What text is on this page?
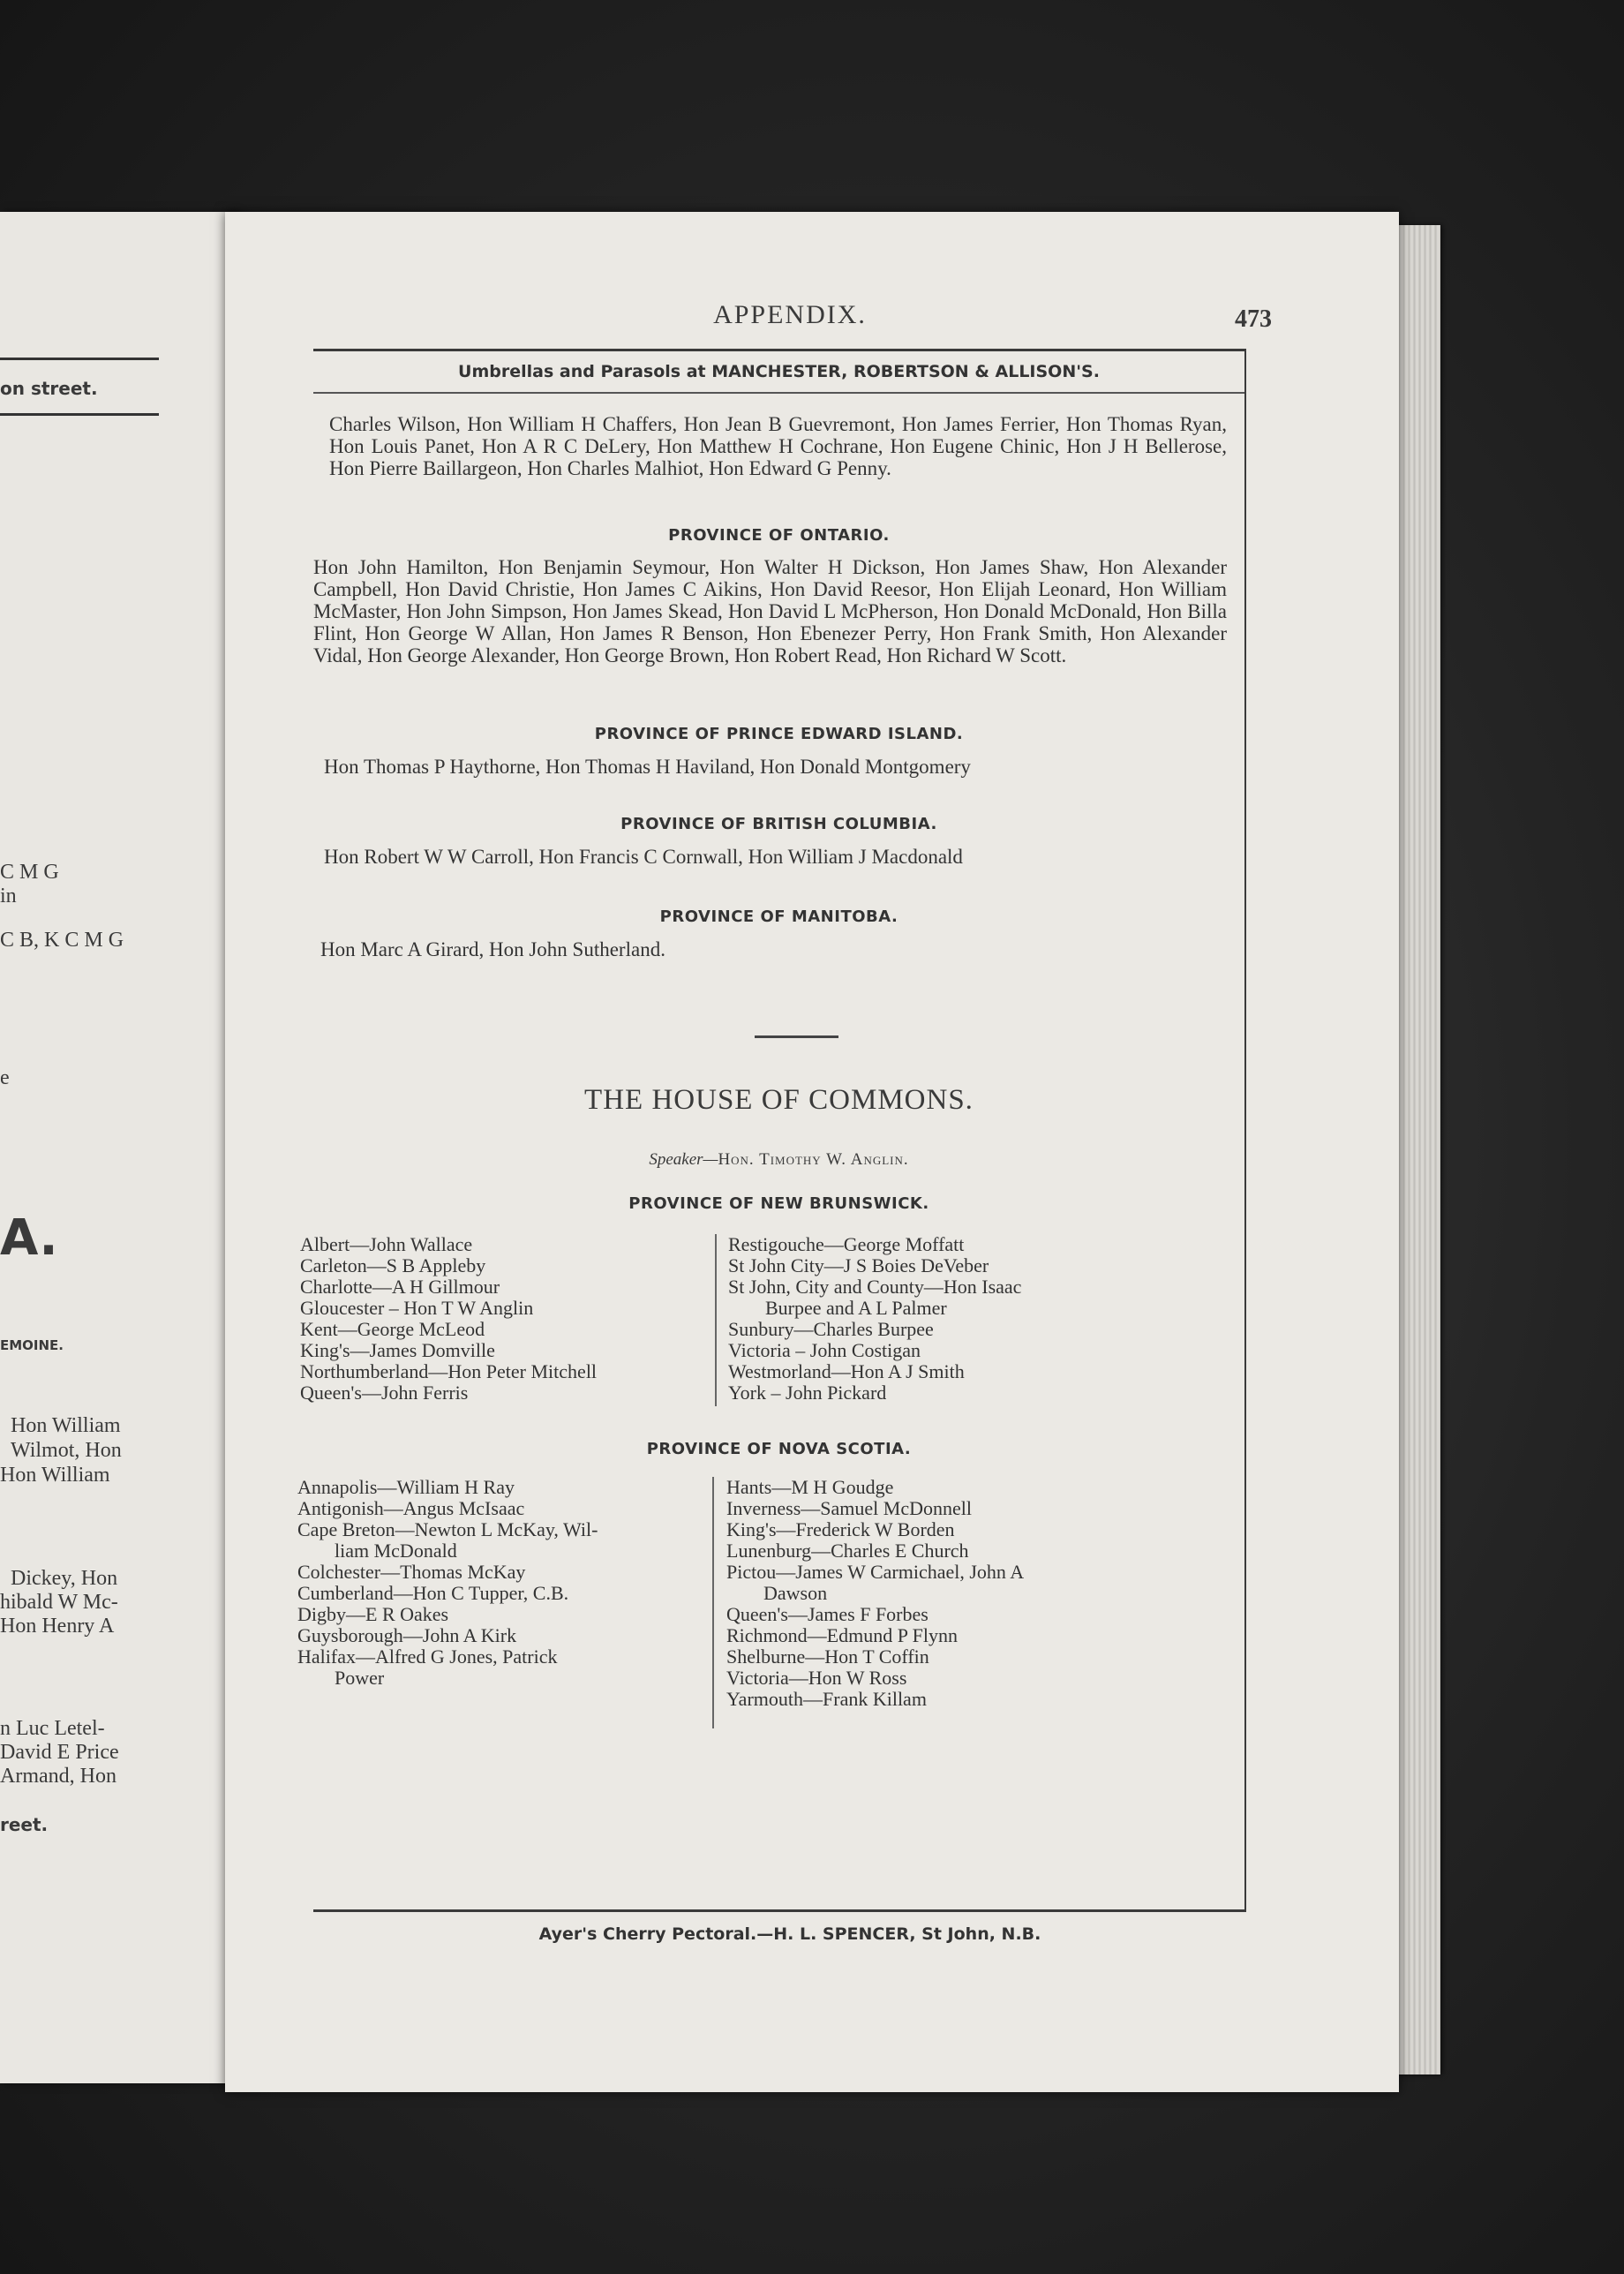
on street.
C M G
in
C B, K C M G
e
A.
EMOINE.
Hon William
Wilmot, Hon
Hon William
Dickey, Hon
hibald W Mc-
Hon Henry A
n Luc Letel-
David E Price
Armand, Hon
reet.
APPENDIX.	473
Umbrellas and Parasols at MANCHESTER, ROBERTSON & ALLISON'S.
Charles Wilson, Hon William H Chaffers, Hon Jean B Guevremont, Hon James Ferrier, Hon Thomas Ryan, Hon Louis Panet, Hon A R C DeLery, Hon Matthew H Cochrane, Hon Eugene Chinic, Hon J H Bellerose, Hon Pierre Baillargeon, Hon Charles Malhiot, Hon Edward G Penny.
PROVINCE OF ONTARIO.
Hon John Hamilton, Hon Benjamin Seymour, Hon Walter H Dickson, Hon James Shaw, Hon Alexander Campbell, Hon David Christie, Hon James C Aikins, Hon David Reesor, Hon Elijah Leonard, Hon William McMaster, Hon John Simpson, Hon James Skead, Hon David L McPherson, Hon Donald McDonald, Hon Billa Flint, Hon George W Allan, Hon James R Benson, Hon Ebenezer Perry, Hon Frank Smith, Hon Alexander Vidal, Hon George Alexander, Hon George Brown, Hon Robert Read, Hon Richard W Scott.
PROVINCE OF PRINCE EDWARD ISLAND.
Hon Thomas P Haythorne, Hon Thomas H Haviland, Hon Donald Montgomery
PROVINCE OF BRITISH COLUMBIA.
Hon Robert W W Carroll, Hon Francis C Cornwall, Hon William J Macdonald
PROVINCE OF MANITOBA.
Hon Marc A Girard, Hon John Sutherland.
THE HOUSE OF COMMONS.
Speaker—Hon. Timothy W. Anglin.
PROVINCE OF NEW BRUNSWICK.
Albert—John Wallace
Carleton—S B Appleby
Charlotte—A H Gillmour
Gloucester – Hon T W Anglin
Kent—George McLeod
King's—James Domville
Northumberland—Hon Peter Mitchell
Queen's—John Ferris
Restigouche—George Moffatt
St John City—J S Boies DeVeber
St John, City and County—Hon Isaac
Burpee and A L Palmer
Sunbury—Charles Burpee
Victoria – John Costigan
Westmorland—Hon A J Smith
York – John Pickard
PROVINCE OF NOVA SCOTIA.
Annapolis—William H Ray
Antigonish—Angus McIsaac
Cape Breton—Newton L McKay, Wil-
liam McDonald
Colchester—Thomas McKay
Cumberland—Hon C Tupper, C.B.
Digby—E R Oakes
Guysborough—John A Kirk
Halifax—Alfred G Jones, Patrick
Power
Hants—M H Goudge
Inverness—Samuel McDonnell
King's—Frederick W Borden
Lunenburg—Charles E Church
Pictou—James W Carmichael, John A
Dawson
Queen's—James F Forbes
Richmond—Edmund P Flynn
Shelburne—Hon T Coffin
Victoria—Hon W Ross
Yarmouth—Frank Killam
Ayer's Cherry Pectoral.—H. L. SPENCER, St John, N.B.
